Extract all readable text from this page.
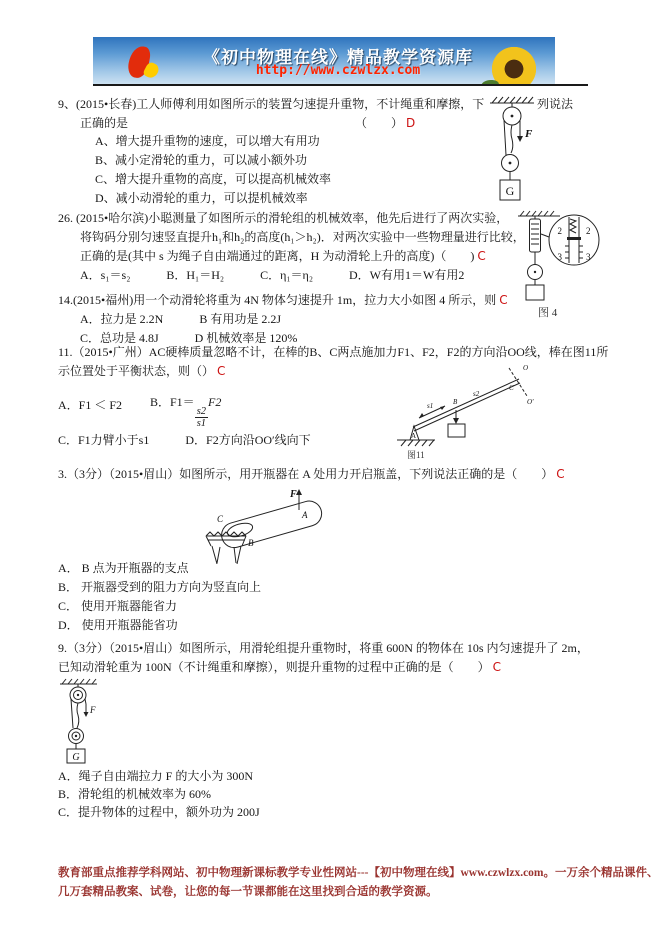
《初中物理在线》精品教学资源库
http://www.czwlzx.com
9、(2015•长春)工人师傅利用如图所示的装置匀速提升重物，不计绳重和摩擦，下	列说法
正确的是	（　　） D
A、增大提升重物的速度，可以增大有用功
B、减小定滑轮的重力，可以减小额外功
C、增大提升重物的高度，可以提高机械效率
D、减小动滑轮的重力，可以提机械效率
F
G
26. (2015•哈尔滨)小聪测量了如图所示的滑轮组的机械效率，他先后进行了两次实验，
将钩码分别匀速竖直提升h₁和h₂的高度(h₁＞h₂)．对两次实验中一些物理量进行比较，
正确的是(其中 s 为绳子自由端通过的距离，H 为动滑轮上升的高度)（　　) C
A．s₁＝s₂　　　B．H₁＝H₂　　　C．η₁＝η₂　　　D．W有用1＝W有用2
14.(2015•福州)用一个动滑轮将重为 4N 物体匀速提升 1m，拉力大小如图 4 所示，则 C
A．拉力是 2.2N　　　B 有用功是 2.2J
C．总功是 4.8J　　　D 机械效率是 120%
2	2
3	3
图 4
11.（2015•广州）AC硬棒质量忽略不计，在棒的B、C两点施加力F1、F2，F2的方向沿OO线，棒在图11所
示位置处于平衡状态，则（） C
A．F1 ＜ F2 B．F1＝
$\frac{s2}{s1}$
F2
C．F1力臂小于s1　　　D．F2方向沿OO′线向下	A
O
O′
C
s2
s1	B
图11
3.（3分）（2015•眉山）如图所示，用开瓶器在 A 处用力开启瓶盖，下列说法正确的是（　　） C
F
A
C
B
A． B 点为开瓶器的支点
B． 开瓶器受到的阻力方向为竖直向上
C． 使用开瓶器能省力
D． 使用开瓶器能省功
9.（3分）（2015•眉山）如图所示，用滑轮组提升重物时，将重 600N 的物体在 10s 内匀速提升了 2m，
已知动滑轮重为 100N（不计绳重和摩擦），则提升重物的过程中正确的是（　　） C
F
G
A．绳子自由端拉力 F 的大小为 300N
B．滑轮组的机械效率为 60%
C．提升物体的过程中，额外功为 200J
教育部重点推荐学科网站、初中物理新课标教学专业性网站---【初中物理在线】www.czwlzx.com。一万余个精品课件、
几万套精品教案、试卷，让您的每一节课都能在这里找到合适的教学资源。
